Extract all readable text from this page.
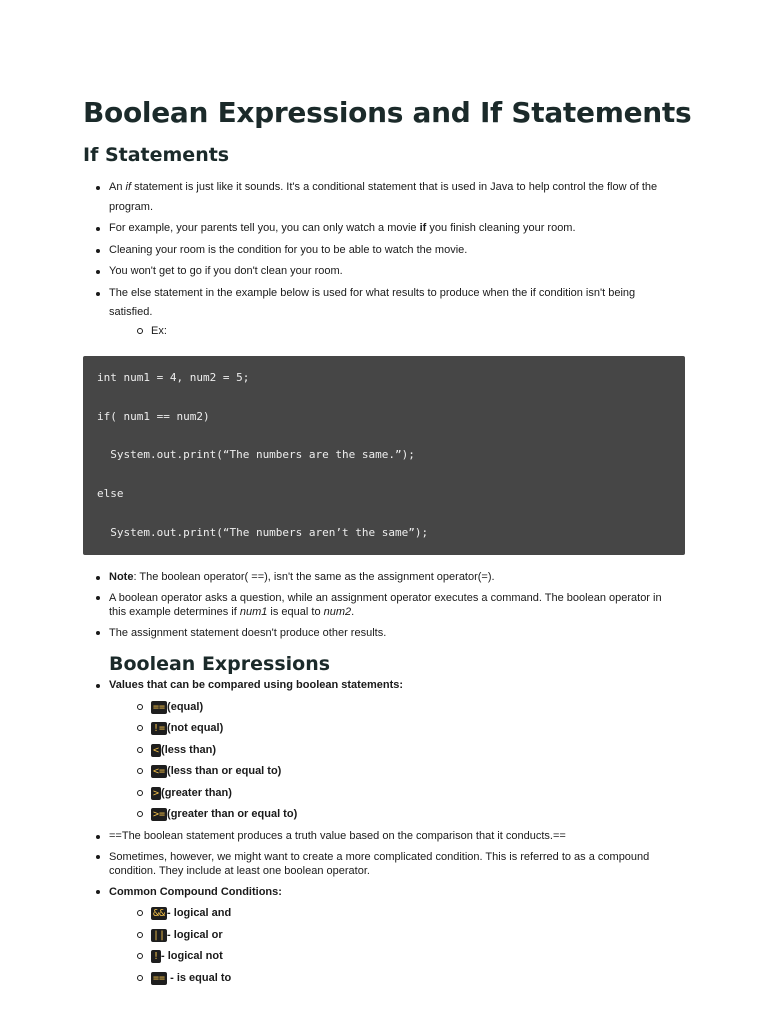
Boolean Expressions and If Statements
If Statements
An if statement is just like it sounds. It's a conditional statement that is used in Java to help control the flow of the program.
For example, your parents tell you, you can only watch a movie if you finish cleaning your room.
Cleaning your room is the condition for you to be able to watch the movie.
You won't get to go if you don't clean your room.
The else statement in the example below is used for what results to produce when the if condition isn't being satisfied.
Ex:
int num1 = 4, num2 = 5;
if( num1 == num2)
System.out.print(“The numbers are the same.”);
else
System.out.print(“The numbers aren’t the same”);
Note: The boolean operator( ==), isn't the same as the assignment operator(=).
A boolean operator asks a question, while an assignment operator executes a command. The boolean operator in this example determines if num1 is equal to num2.
The assignment statement doesn't produce other results.
Boolean Expressions
Values that can be compared using boolean statements:
== (equal)
!= (not equal)
< (less than)
<= (less than or equal to)
> (greater than)
>= (greater than or equal to)
==The boolean statement produces a truth value based on the comparison that it conducts.==
Sometimes, however, we might want to create a more complicated condition. This is referred to as a compound condition. They include at least one boolean operator.
Common Compound Conditions:
&& - logical and
|| - logical or
! - logical not
== - is equal to
